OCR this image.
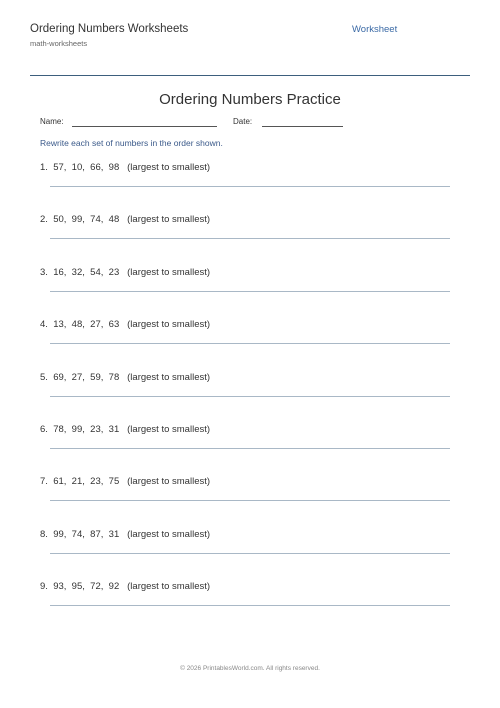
Ordering Numbers Worksheets
math-worksheets
Worksheet
Ordering Numbers Practice
Name:	Date:
Rewrite each set of numbers in the order shown.
1.  57,  10,  66,  98   (largest to smallest)
2.  50,  99,  74,  48   (largest to smallest)
3.  16,  32,  54,  23   (largest to smallest)
4.  13,  48,  27,  63   (largest to smallest)
5.  69,  27,  59,  78   (largest to smallest)
6.  78,  99,  23,  31   (largest to smallest)
7.  61,  21,  23,  75   (largest to smallest)
8.  99,  74,  87,  31   (largest to smallest)
9.  93,  95,  72,  92   (largest to smallest)
© 2026 PrintablesWorld.com. All rights reserved.
